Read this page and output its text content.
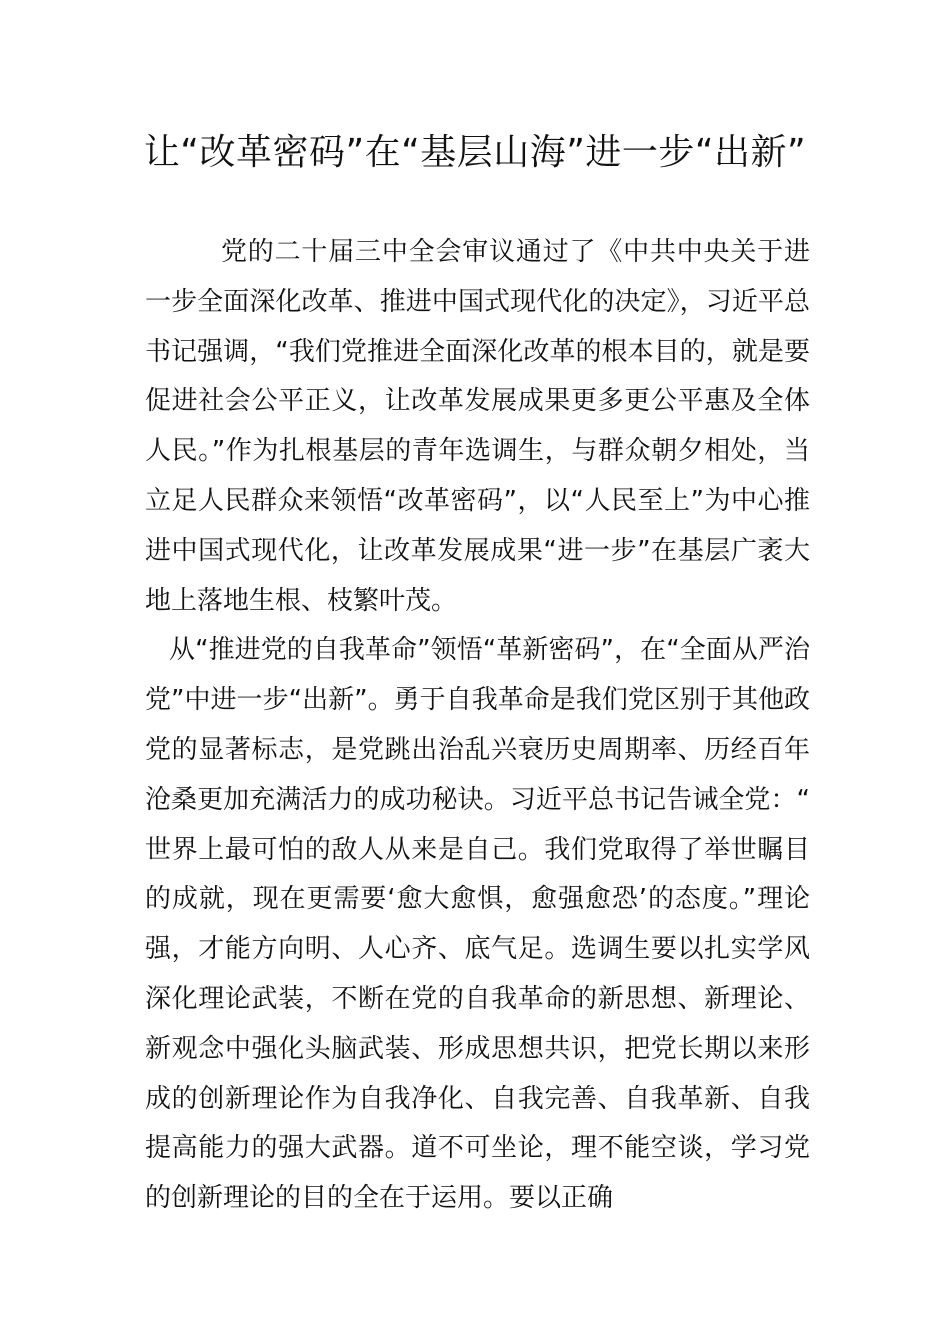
让“改革密码”在“基层山海”进一步“出新”

党的二十届三中全会审议通过了《中共中央关于进一步全面深化改革、推进中国式现代化的决定》，习近平总书记强调，“我们党推进全面深化改革的根本目的，就是要促进社会公平正义，让改革发展成果更多更公平惠及全体人民。”作为扎根基层的青年选调生，与群众朝夕相处，当立足人民群众来领悟“改革密码”，以“人民至上”为中心推进中国式现代化，让改革发展成果“进一步”在基层广袤大地上落地生根、枝繁叶茂。

从“推进党的自我革命”领悟“革新密码”，在“全面从严治党”中进一步“出新”。勇于自我革命是我们党区别于其他政党的显著标志，是党跳出治乱兴衰历史周期率、历经百年沧桑更加充满活力的成功秘诀。习近平总书记告诫全党：“世界上最可怕的敌人从来是自己。我们党取得了举世瞩目的成就，现在更需要‘愈大愈惧，愈强愈恐’的态度。”理论强，才能方向明、人心齐、底气足。选调生要以扎实学风深化理论武装，不断在党的自我革命的新思想、新理论、新观念中强化头脑武装、形成思想共识，把党长期以来形成的创新理论作为自我净化、自我完善、自我革新、自我提高能力的强大武器。道不可坐论，理不能空谈，学习党的创新理论的目的全在于运用。要以正确
